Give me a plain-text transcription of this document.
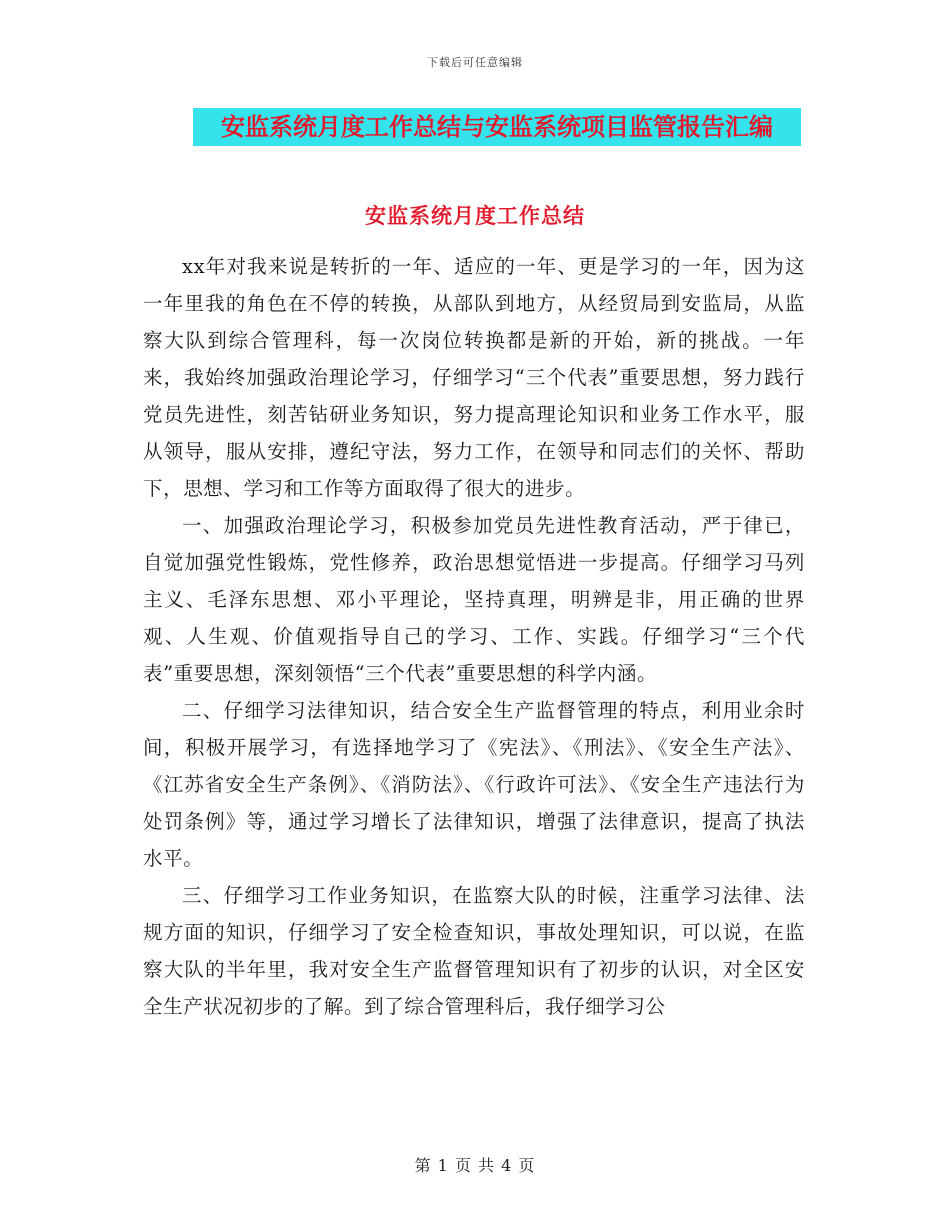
下载后可任意编辑
安监系统月度工作总结与安监系统项目监管报告汇编
安监系统月度工作总结

xx年对我来说是转折的一年、适应的一年、更是学习的一年，因为这一年里我的角色在不停的转换，从部队到地方，从经贸局到安监局，从监察大队到综合管理科，每一次岗位转换都是新的开始，新的挑战。一年来，我始终加强政治理论学习，仔细学习“三个代表”重要思想，努力践行党员先进性，刻苦钻研业务知识，努力提高理论知识和业务工作水平，服从领导，服从安排，遵纪守法，努力工作，在领导和同志们的关怀、帮助下，思想、学习和工作等方面取得了很大的进步。

一、加强政治理论学习，积极参加党员先进性教育活动，严于律已，自觉加强党性锻炼，党性修养，政治思想觉悟进一步提高。仔细学习马列主义、毛泽东思想、邓小平理论，坚持真理，明辨是非，用正确的世界观、人生观、价值观指导自己的学习、工作、实践。仔细学习“三个代表”重要思想，深刻领悟“三个代表”重要思想的科学内涵。

二、仔细学习法律知识，结合安全生产监督管理的特点，利用业余时间，积极开展学习，有选择地学习了《宪法》、《刑法》、《安全生产法》、《江苏省安全生产条例》、《消防法》、《行政许可法》、《安全生产违法行为处罚条例》等，通过学习增长了法律知识，增强了法律意识，提高了执法水平。

三、仔细学习工作业务知识，在监察大队的时候，注重学习法律、法规方面的知识，仔细学习了安全检查知识，事故处理知识，可以说，在监察大队的半年里，我对安全生产监督管理知识有了初步的认识，对全区安全生产状况初步的了解。到了综合管理科后，我仔细学习公

第 1 页 共 4 页
